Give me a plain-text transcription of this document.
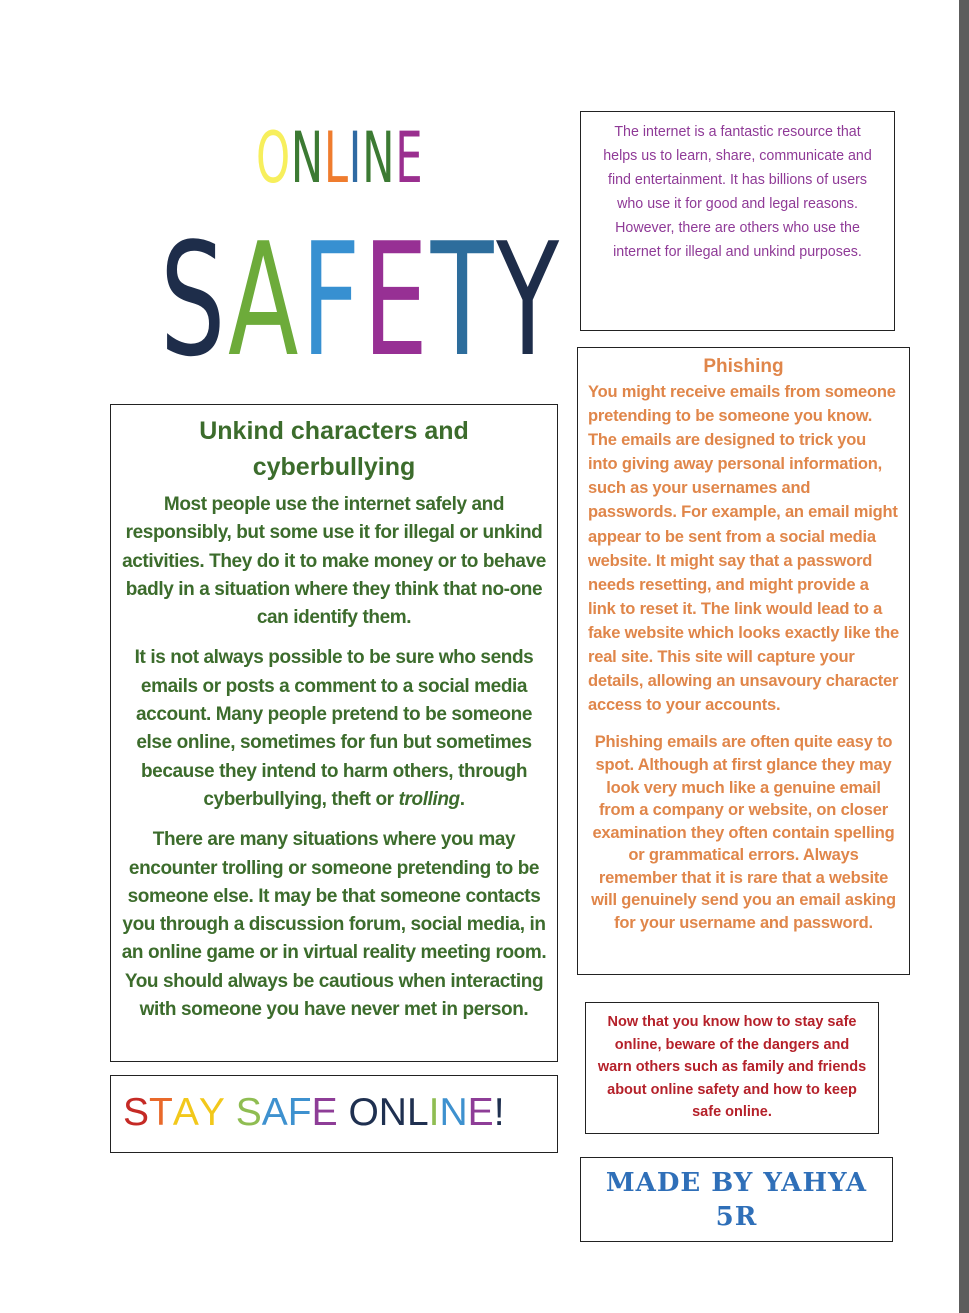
ONLINE
SAFETY

The internet is a fantastic resource that helps us to learn, share, communicate and find entertainment. It has billions of users who use it for good and legal reasons. However, there are others who use the internet for illegal and unkind purposes.

Unkind characters and cyberbullying

Most people use the internet safely and responsibly, but some use it for illegal or unkind activities. They do it to make money or to behave badly in a situation where they think that no-one can identify them.

It is not always possible to be sure who sends emails or posts a comment to a social media account. Many people pretend to be someone else online, sometimes for fun but sometimes because they intend to harm others, through cyberbullying, theft or trolling.

There are many situations where you may encounter trolling or someone pretending to be someone else. It may be that someone contacts you through a discussion forum, social media, in an online game or in virtual reality meeting room. You should always be cautious when interacting with someone you have never met in person.

Phishing

You might receive emails from someone pretending to be someone you know. The emails are designed to trick you into giving away personal information, such as your usernames and passwords. For example, an email might appear to be sent from a social media website. It might say that a password needs resetting, and might provide a link to reset it. The link would lead to a fake website which looks exactly like the real site. This site will capture your details, allowing an unsavoury character access to your accounts.

Phishing emails are often quite easy to spot. Although at first glance they may look very much like a genuine email from a company or website, on closer examination they often contain spelling or grammatical errors. Always remember that it is rare that a website will genuinely send you an email asking for your username and password.

STAY SAFE ONLINE!

Now that you know how to stay safe online, beware of the dangers and warn others such as family and friends about online safety and how to keep safe online.

MADE BY YAHYA

5R
